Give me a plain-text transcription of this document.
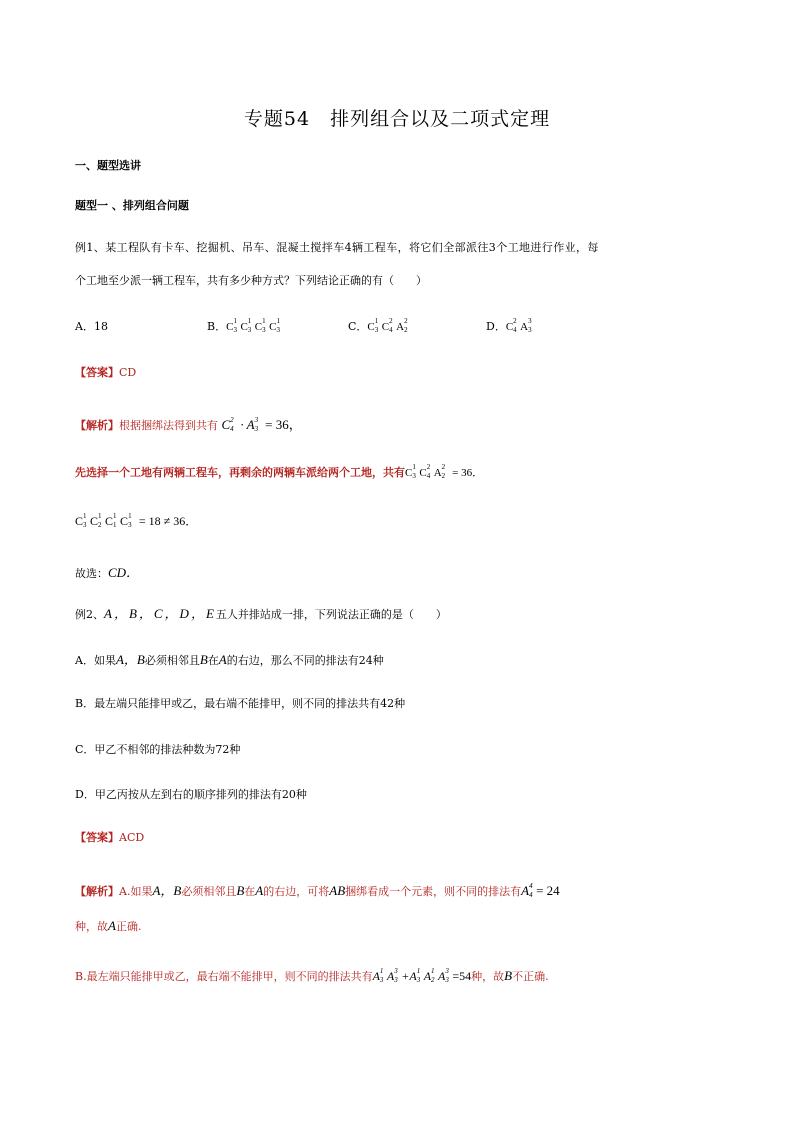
专题54　排列组合以及二项式定理
一、题型选讲
题型一 、排列组合问题
例1、某工程队有卡车、挖掘机、吊车、混凝土搅拌车4辆工程车，将它们全部派往3个工地进行作业，每
个工地至少派一辆工程车，共有多少种方式？下列结论正确的有（　　）
A．18	B．C 1
3 C 1
3 C 1
3 C 1
3	C．C 1
3 C 2
4 A 2
2	D．C 2
4 A 3
3
【答案】CD
【解析】根据捆绑法得到共有 C 2
4 · A 3
3 = 36，
先选择一个工地有两辆工程车，再剩余的两辆车派给两个工地，共有C 1
3 C 2
4 A 2
2 = 36．
C 1
3 C 1
2 C 1
1 C 1
3 = 18 ≠ 36．
故选：CD．
例2、A，B，C，D，E五人并排站成一排，下列说法正确的是（　　）
A．如果A，B必须相邻且B在A的右边，那么不同的排法有24种
B．最左端只能排甲或乙，最右端不能排甲，则不同的排法共有42种
C．甲乙不相邻的排法种数为72种
D．甲乙丙按从左到右的顺序排列的排法有20种
【答案】ACD
【解析】A.如果A，B必须相邻且B在A的右边，可将AB捆绑看成一个元素，则不同的排法有A 4
4 = 24
种，故A正确.
B.最左端只能排甲或乙，最右端不能排甲，则不同的排法共有A 1
3 A 3
3 +A 1
3 A 1
2 A 3
3 =54种，故B不正确.
